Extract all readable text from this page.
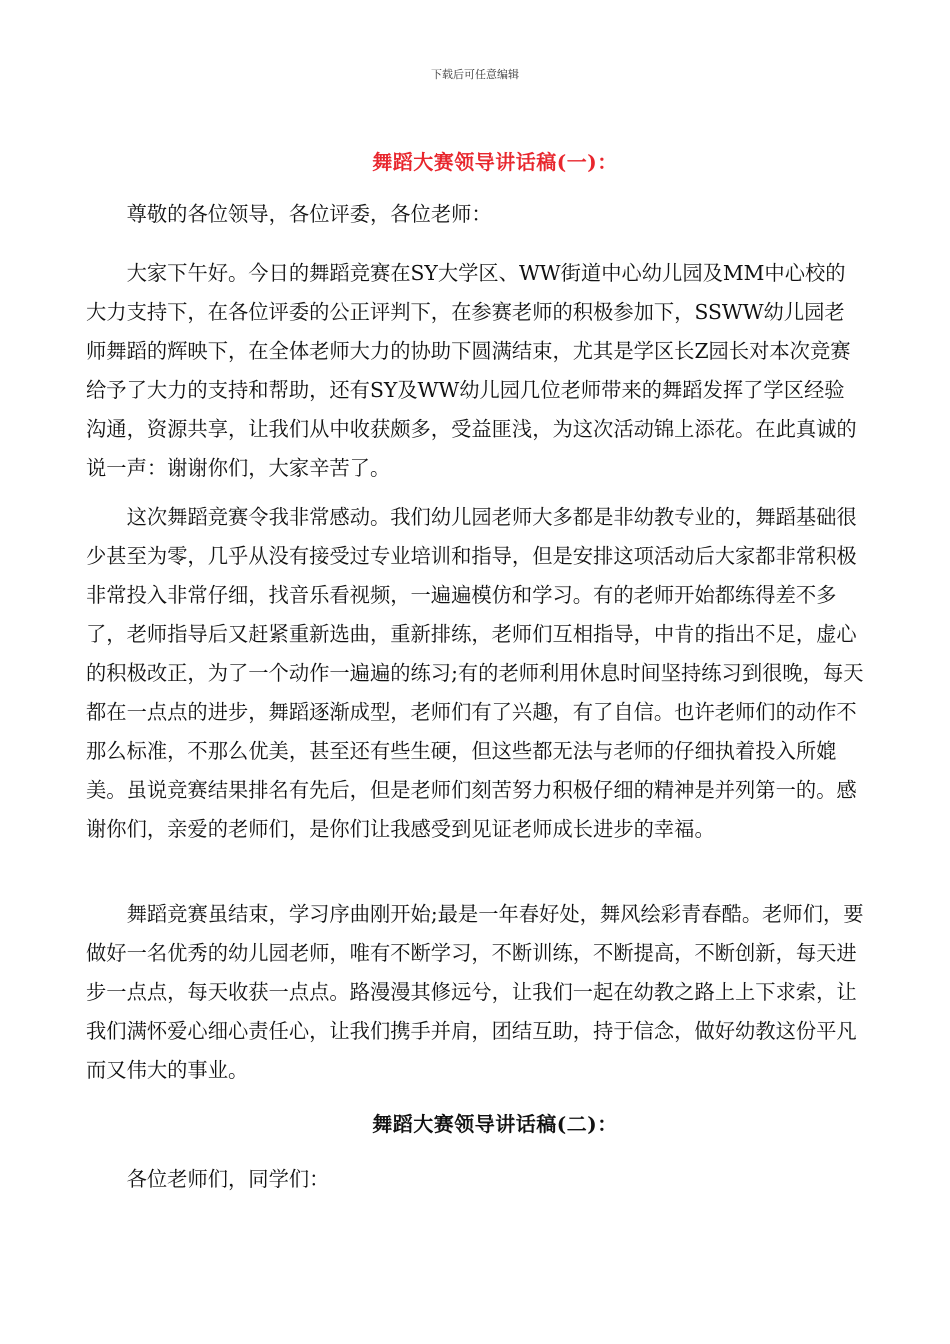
下载后可任意编辑
舞蹈大赛领导讲话稿(一)：

尊敬的各位领导，各位评委，各位老师：

大家下午好。今日的舞蹈竞赛在SY大学区、WW街道中心幼儿园及MM中心校的大力支持下，在各位评委的公正评判下，在参赛老师的积极参加下，SSWW幼儿园老师舞蹈的辉映下，在全体老师大力的协助下圆满结束，尤其是学区长Z园长对本次竞赛给予了大力的支持和帮助，还有SY及WW幼儿园几位老师带来的舞蹈发挥了学区经验沟通，资源共享，让我们从中收获颇多，受益匪浅，为这次活动锦上添花。在此真诚的说一声：谢谢你们，大家辛苦了。

这次舞蹈竞赛令我非常感动。我们幼儿园老师大多都是非幼教专业的，舞蹈基础很少甚至为零，几乎从没有接受过专业培训和指导，但是安排这项活动后大家都非常积极非常投入非常仔细，找音乐看视频，一遍遍模仿和学习。有的老师开始都练得差不多了，老师指导后又赶紧重新选曲，重新排练，老师们互相指导，中肯的指出不足，虚心的积极改正，为了一个动作一遍遍的练习;有的老师利用休息时间坚持练习到很晚，每天都在一点点的进步，舞蹈逐渐成型，老师们有了兴趣，有了自信。也许老师们的动作不那么标准，不那么优美，甚至还有些生硬，但这些都无法与老师的仔细执着投入所媲美。虽说竞赛结果排名有先后，但是老师们刻苦努力积极仔细的精神是并列第一的。感谢你们，亲爱的老师们，是你们让我感受到见证老师成长进步的幸福。

舞蹈竞赛虽结束，学习序曲刚开始;最是一年春好处，舞风绘彩青春酷。老师们，要做好一名优秀的幼儿园老师，唯有不断学习，不断训练，不断提高，不断创新，每天进步一点点，每天收获一点点。路漫漫其修远兮，让我们一起在幼教之路上上下求索，让我们满怀爱心细心责任心，让我们携手并肩，团结互助，持于信念，做好幼教这份平凡而又伟大的事业。

舞蹈大赛领导讲话稿(二)：

各位老师们，同学们：
